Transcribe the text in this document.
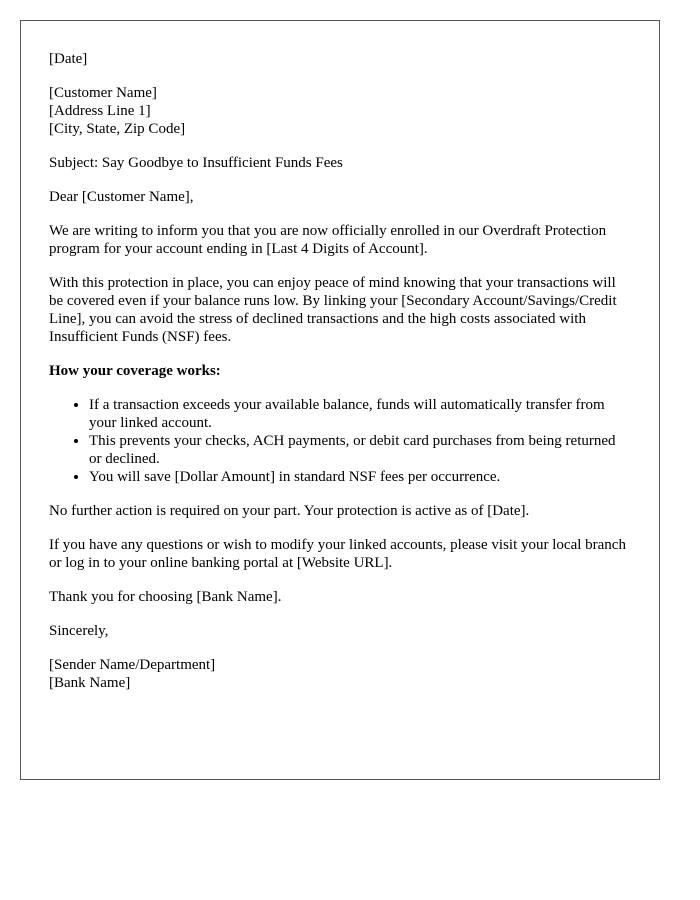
[Date]

[Customer Name]
[Address Line 1]
[City, State, Zip Code]

Subject: Say Goodbye to Insufficient Funds Fees

Dear [Customer Name],

We are writing to inform you that you are now officially enrolled in our Overdraft Protection program for your account ending in [Last 4 Digits of Account].

With this protection in place, you can enjoy peace of mind knowing that your transactions will be covered even if your balance runs low. By linking your [Secondary Account/Savings/Credit Line], you can avoid the stress of declined transactions and the high costs associated with Insufficient Funds (NSF) fees.

How your coverage works:

• If a transaction exceeds your available balance, funds will automatically transfer from your linked account.
• This prevents your checks, ACH payments, or debit card purchases from being returned or declined.
• You will save [Dollar Amount] in standard NSF fees per occurrence.

No further action is required on your part. Your protection is active as of [Date].

If you have any questions or wish to modify your linked accounts, please visit your local branch or log in to your online banking portal at [Website URL].

Thank you for choosing [Bank Name].

Sincerely,

[Sender Name/Department]
[Bank Name]
